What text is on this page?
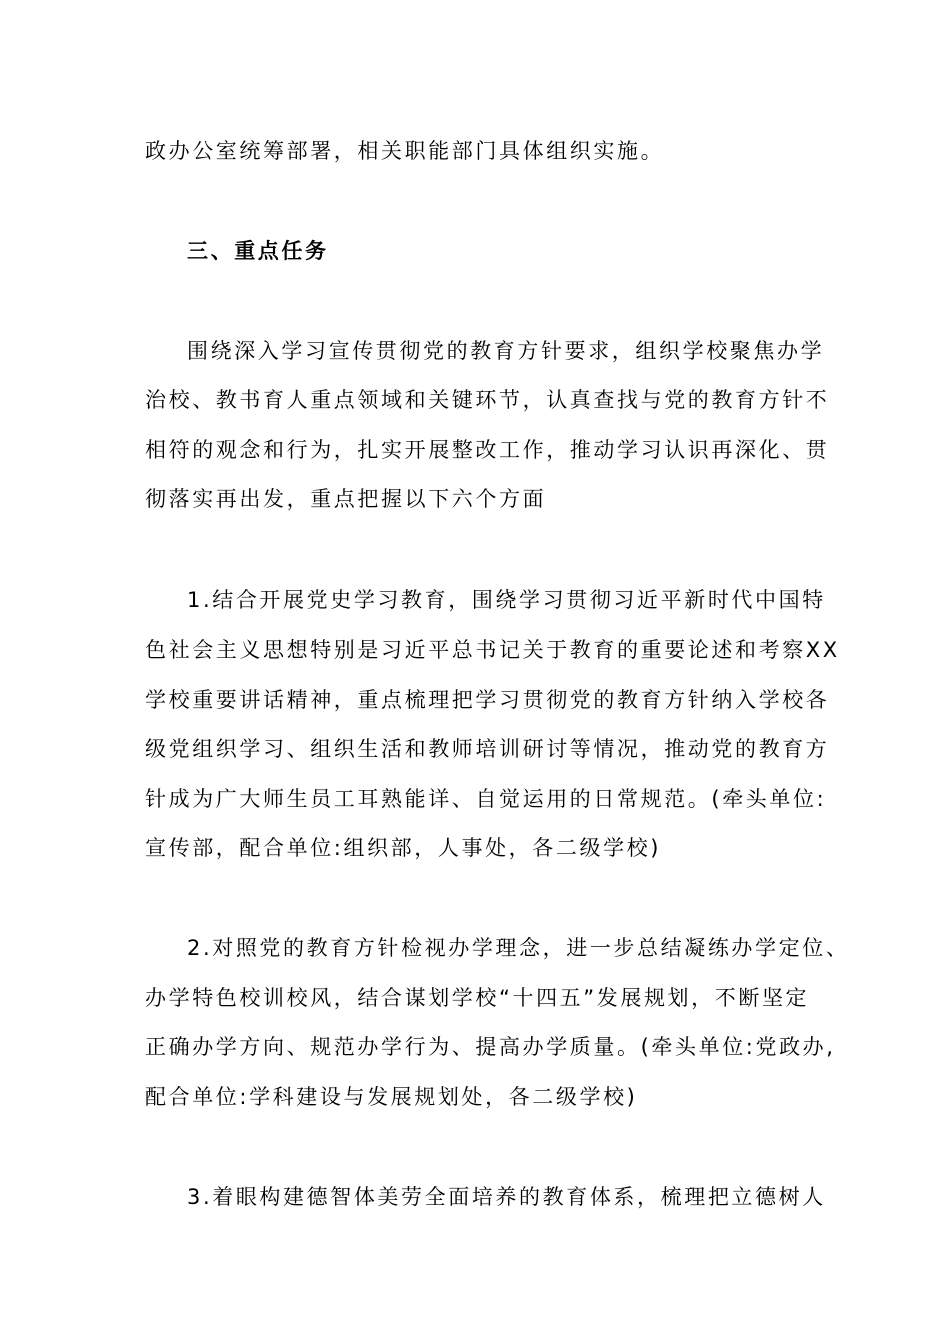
政办公室统筹部署，相关职能部门具体组织实施。
三、重点任务
围绕深入学习宣传贯彻党的教育方针要求，组织学校聚焦办学
治校、教书育人重点领域和关键环节，认真查找与党的教育方针不
相符的观念和行为，扎实开展整改工作，推动学习认识再深化、贯
彻落实再出发，重点把握以下六个方面
1.结合开展党史学习教育，围绕学习贯彻习近平新时代中国特
色社会主义思想特别是习近平总书记关于教育的重要论述和考察XX
学校重要讲话精神，重点梳理把学习贯彻党的教育方针纳入学校各
级党组织学习、组织生活和教师培训研讨等情况，推动党的教育方
针成为广大师生员工耳熟能详、自觉运用的日常规范。(牵头单位:
宣传部，配合单位:组织部，人事处，各二级学校)
2.对照党的教育方针检视办学理念，进一步总结凝练办学定位、
办学特色校训校风，结合谋划学校“十四五”发展规划，不断坚定
正确办学方向、规范办学行为、提高办学质量。(牵头单位:党政办,
配合单位:学科建设与发展规划处，各二级学校)
3.着眼构建德智体美劳全面培养的教育体系，梳理把立德树人
